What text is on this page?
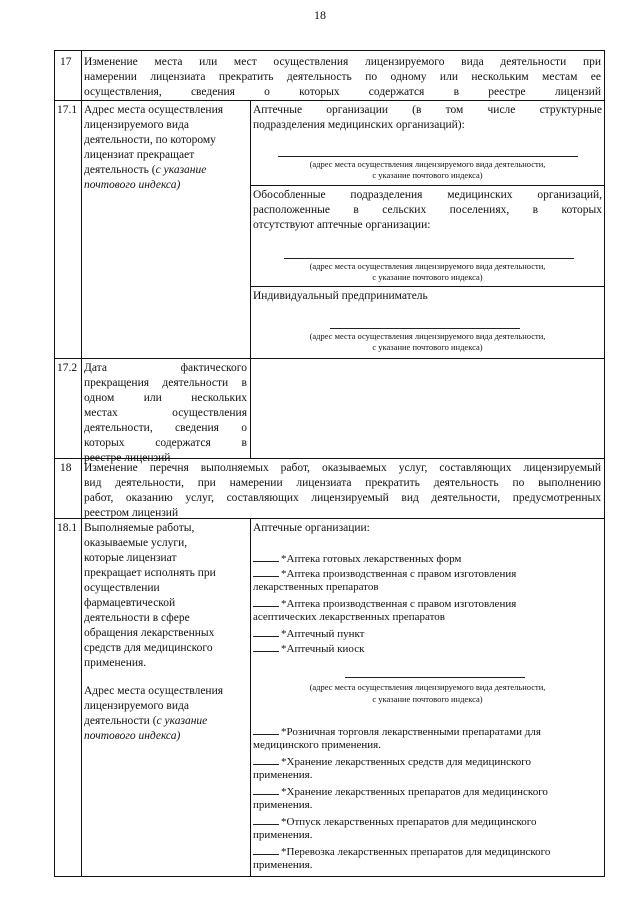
18
17 Изменение места или мест осуществления лицензируемого вида деятельности при
намерении лицензиата прекратить деятельность по одному или нескольким местам ее
осуществления, сведения о которых содержатся в реестре лицензий
17.1 Адрес места осуществления
лицензируемого вида
деятельности, по которому
лицензиат прекращает
деятельность (с указание
почтового индекса)
Аптечные организации (в том числе структурные
подразделения медицинских организаций):
(адрес места осуществления лицензируемого вида деятельности,
с указание почтового индекса)
Обособленные подразделения медицинских организаций,
расположенные в сельских поселениях, в которых
отсутствуют аптечные организации:
(адрес места осуществления лицензируемого вида деятельности,
с указание почтового индекса)
Индивидуальный предприниматель
(адрес места осуществления лицензируемого вида деятельности,
с указание почтового индекса)
17.2 Дата фактического
прекращения деятельности в
одном или нескольких
местах осуществления
деятельности, сведения о
которых содержатся в
реестре лицензий
18 Изменение перечня выполняемых работ, оказываемых услуг, составляющих лицензируемый
вид деятельности, при намерении лицензиата прекратить деятельность по выполнению
работ, оказанию услуг, составляющих лицензируемый вид деятельности, предусмотренных
реестром лицензий
18.1 Выполняемые работы,
оказываемые услуги,
которые лицензиат
прекращает исполнять при
осуществлении
фармацевтической
деятельности в сфере
обращения лекарственных
средств для медицинского
применения.
Адрес места осуществления
лицензируемого вида
деятельности (с указание
почтового индекса)
Аптечные организации:
*Аптека готовых лекарственных форм
*Аптека производственная с правом изготовления
лекарственных препаратов
*Аптека производственная с правом изготовления
асептических лекарственных препаратов
*Аптечный пункт
*Аптечный киоск
(адрес места осуществления лицензируемого вида деятельности,
с указание почтового индекса)
*Розничная торговля лекарственными препаратами для
медицинского применения.
*Хранение лекарственных средств для медицинского
применения.
*Хранение лекарственных препаратов для медицинского
применения.
*Отпуск лекарственных препаратов для медицинского
применения.
*Перевозка лекарственных препаратов для медицинского
применения.
